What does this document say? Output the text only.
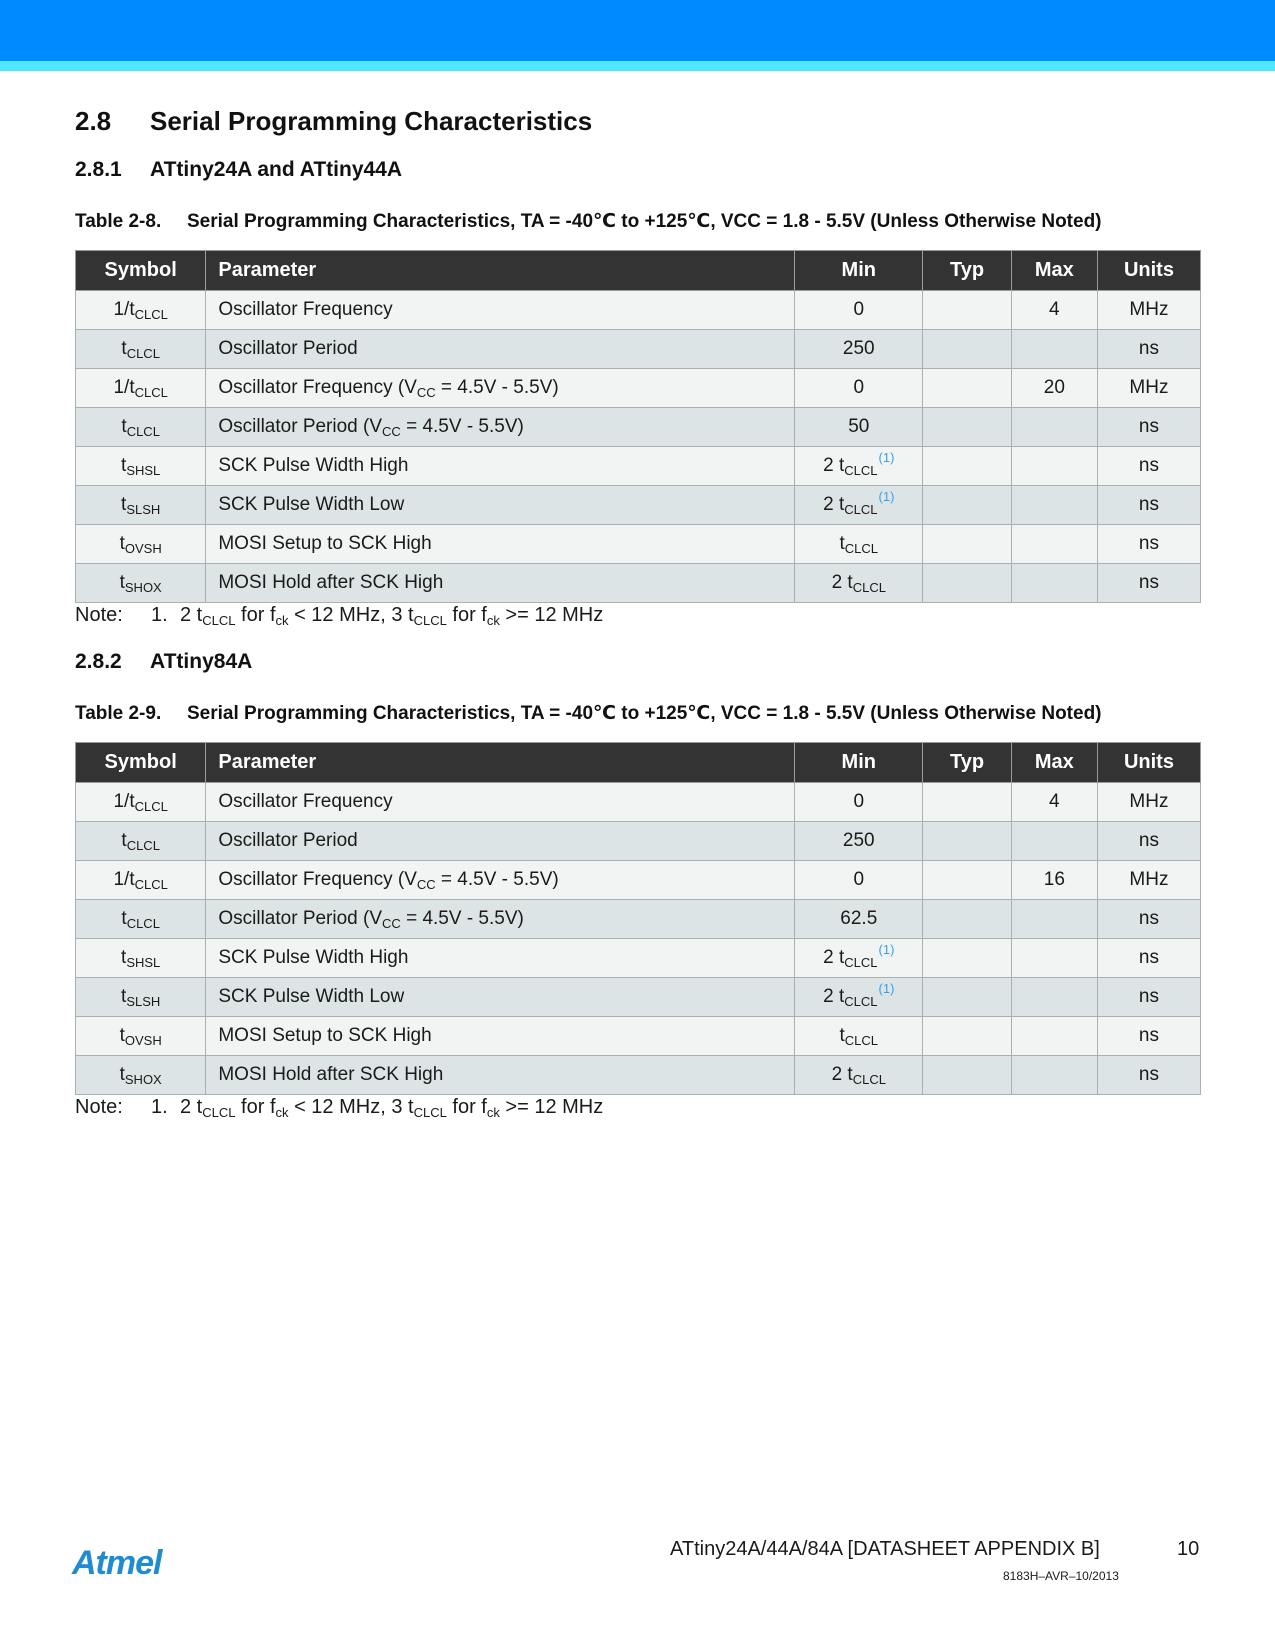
2.8 Serial Programming Characteristics
2.8.1 ATtiny24A and ATtiny44A
Table 2-8. Serial Programming Characteristics, TA = -40℃ to +125℃, VCC = 1.8 - 5.5V (Unless Otherwise Noted)
Symbol	Parameter	Min	Typ	Max	Units
$1/t_{CLCL}$	Oscillator Frequency	0		4	MHz
$t_{CLCL}$	Oscillator Period	250			ns
$1/t_{CLCL}$	Oscillator Frequency $(V_{CC} = 4.5V - 5.5V)$	0		20	MHz
$t_{CLCL}$	Oscillator Period $(V_{CC} = 4.5V - 5.5V)$	50			ns
$t_{SHSL}$	SCK Pulse Width High	2 $t_{CLCL}^{(1)}$			ns
$t_{SLSH}$	SCK Pulse Width Low	2 $t_{CLCL}^{(1)}$			ns
$t_{OVSH}$	MOSI Setup to SCK High	$t_{CLCL}$			ns
$t_{SHOX}$	MOSI Hold after SCK High	2 $t_{CLCL}$			ns
Note: 1. 2 $t_{CLCL}$ for $f_{ck} < 12$ MHz, 3 $t_{CLCL}$ for $f_{ck} >= 12$ MHz
2.8.2 ATtiny84A
Table 2-9. Serial Programming Characteristics, TA = -40℃ to +125℃, VCC = 1.8 - 5.5V (Unless Otherwise Noted)
Symbol	Parameter	Min	Typ	Max	Units
$1/t_{CLCL}$	Oscillator Frequency	0		4	MHz
$t_{CLCL}$	Oscillator Period	250			ns
$1/t_{CLCL}$	Oscillator Frequency $(V_{CC} = 4.5V - 5.5V)$	0		16	MHz
$t_{CLCL}$	Oscillator Period $(V_{CC} = 4.5V - 5.5V)$	62.5			ns
$t_{SHSL}$	SCK Pulse Width High	2 $t_{CLCL}^{(1)}$			ns
$t_{SLSH}$	SCK Pulse Width Low	2 $t_{CLCL}^{(1)}$			ns
$t_{OVSH}$	MOSI Setup to SCK High	$t_{CLCL}$			ns
$t_{SHOX}$	MOSI Hold after SCK High	2 $t_{CLCL}$			ns
Note: 1. 2 $t_{CLCL}$ for $f_{ck} < 12$ MHz, 3 $t_{CLCL}$ for $f_{ck} >= 12$ MHz
Atmel	ATtiny24A/44A/84A [DATASHEET APPENDIX B]	10
8183H–AVR–10/2013
